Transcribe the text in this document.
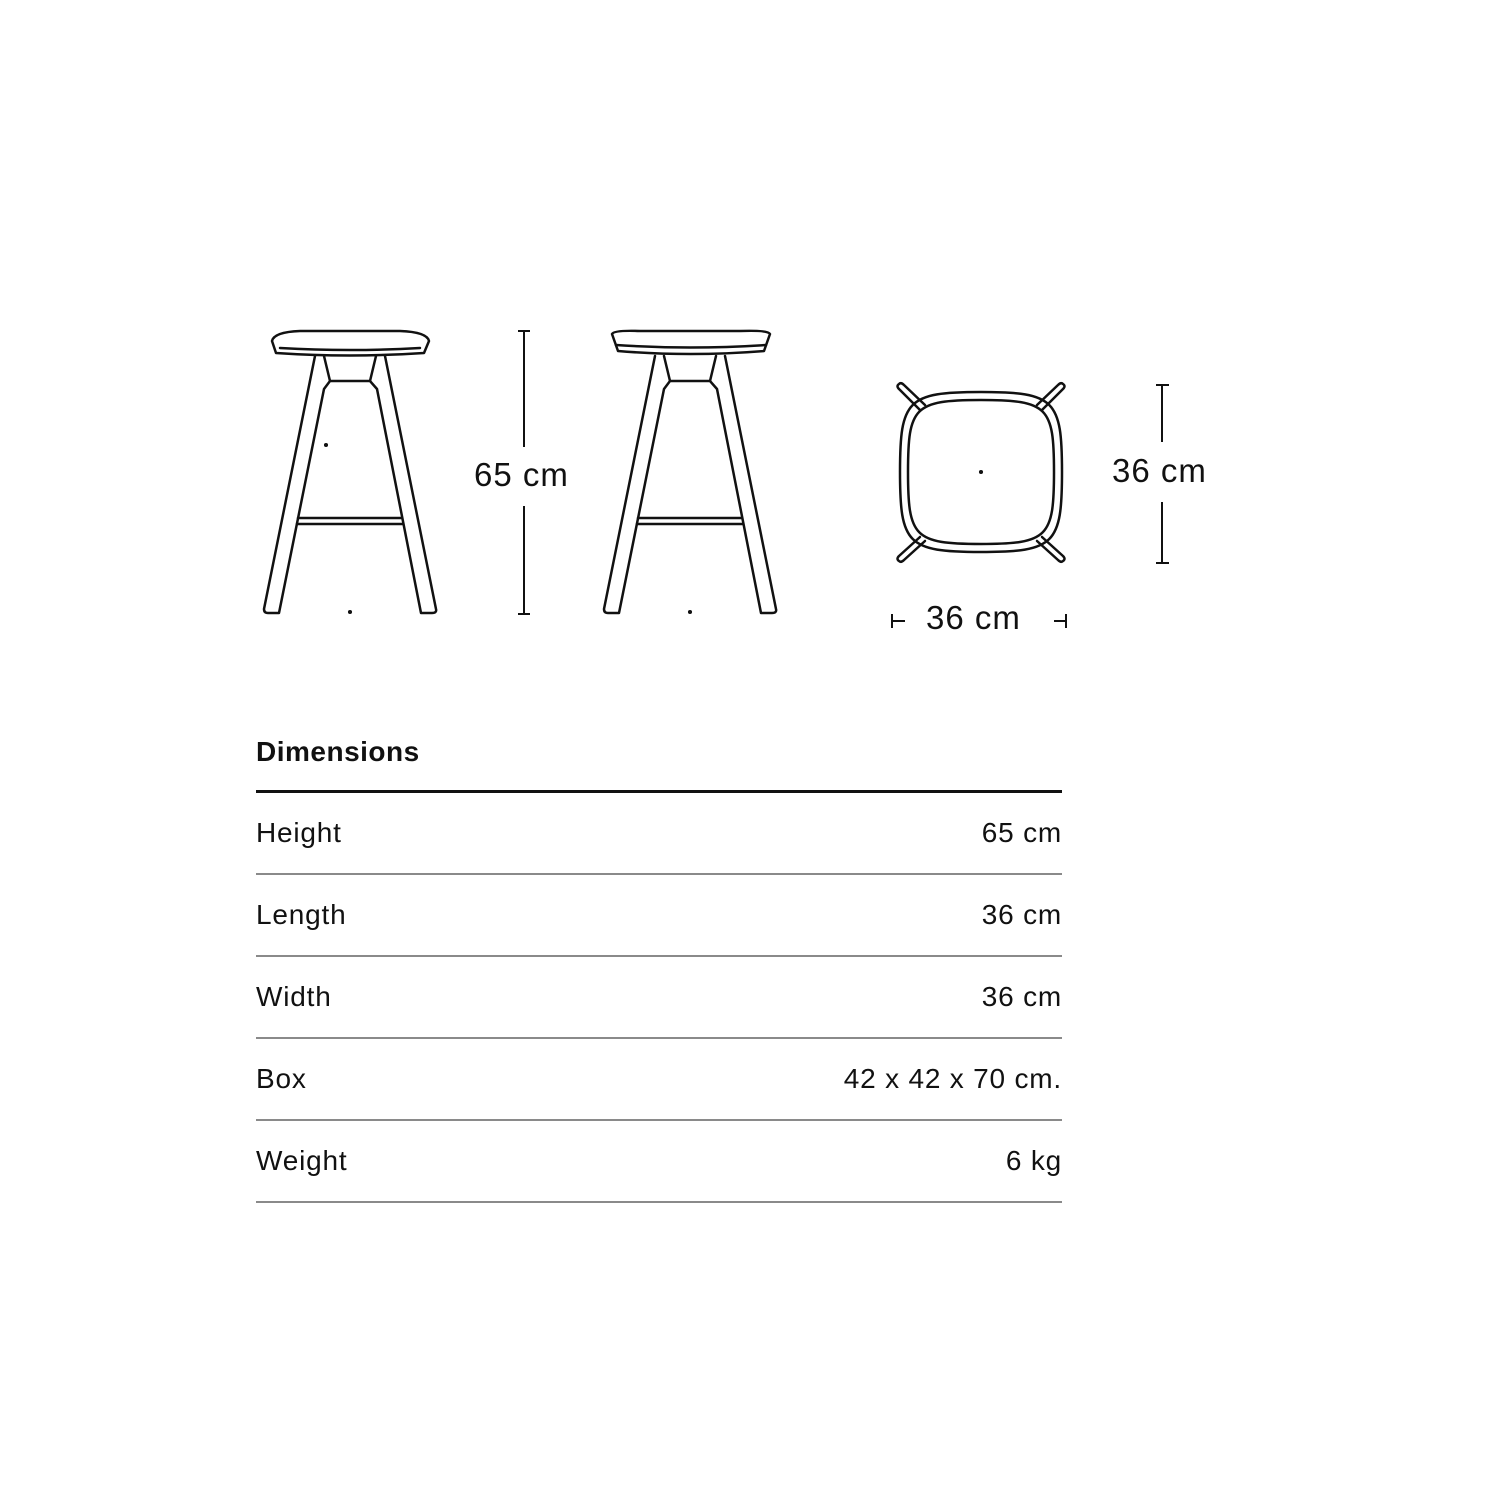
65 cm	36 cm
36 cm
Dimensions
Height	65 cm
Length	36 cm
Width	36 cm
Box	42 x 42 x 70 cm.
Weight	6 kg
